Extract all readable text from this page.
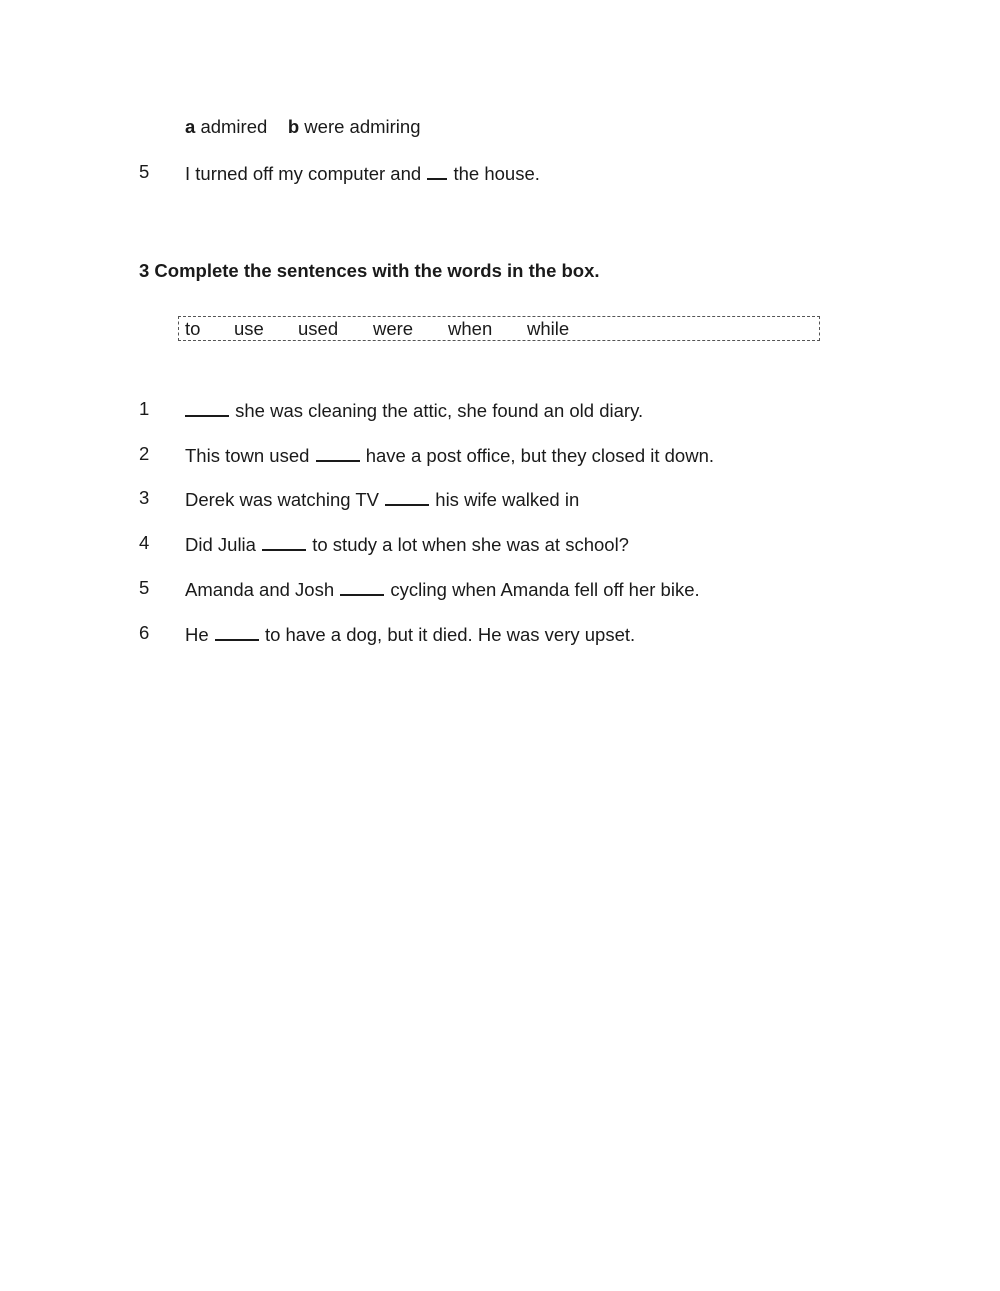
a admired b were admiring
5 I turned off my computer and the house.
3 Complete the sentences with the words in the box.
to use used were when while
1	she was cleaning the attic, she found an old diary.
2 This town used	have a post office, but they closed it down.
3 Derek was watching TV	his wife walked in
4 Did Julia	to study a lot when she was at school?
5 Amanda and Josh	cycling when Amanda fell off her bike.
6 He	to have a dog, but it died. He was very upset.
